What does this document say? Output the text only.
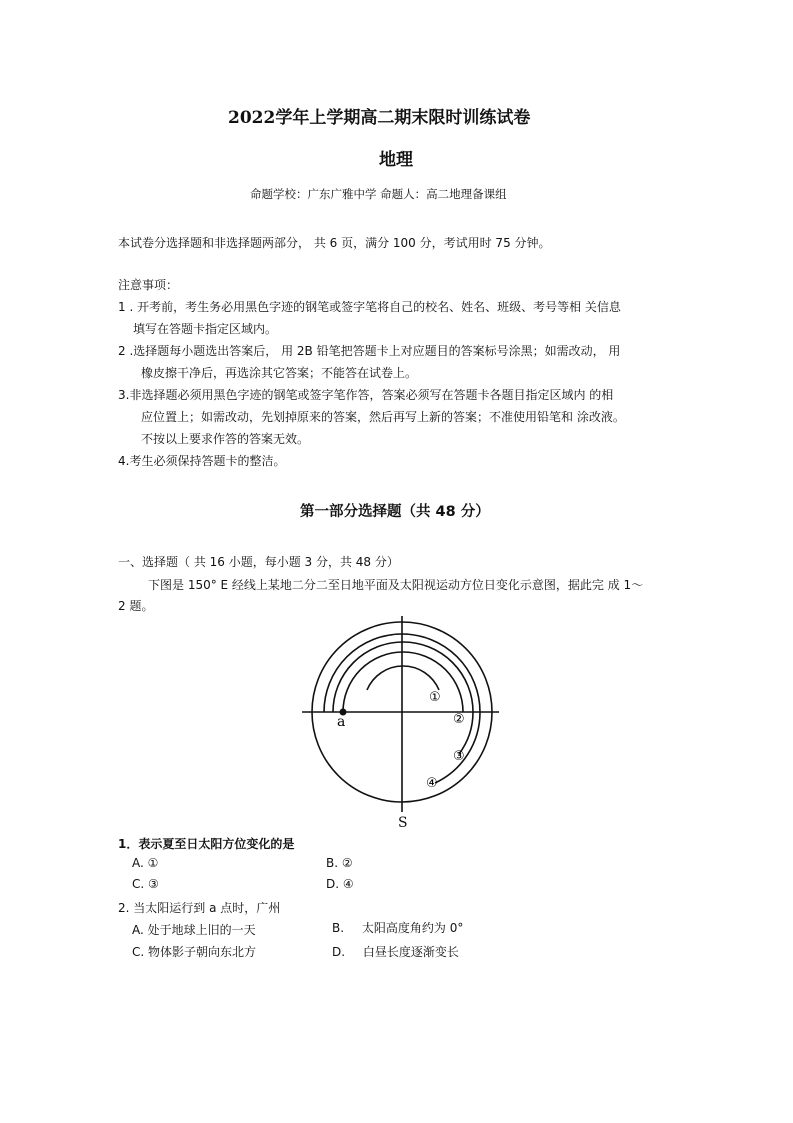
2022学年上学期高二期末限时训练试卷
地理
命题学校：广东广雅中学 命题人：高二地理备课组
本试卷分选择题和非选择题两部分， 共 6 页，满分 100 分，考试用时 75 分钟。
注意事项：
1 . 开考前，考生务必用黑色字迹的钢笔或签字笔将自己的校名、姓名、班级、考号等相 关信息
填写在答题卡指定区域内。
2 .选择题每小题选出答案后， 用 2B 铅笔把答题卡上对应题目的答案标号涂黑；如需改动， 用
橡皮擦干净后，再选涂其它答案；不能答在试卷上。
3.非选择题必须用黑色字迹的钢笔或签字笔作答，答案必须写在答题卡各题目指定区域内 的相
应位置上；如需改动，先划掉原来的答案，然后再写上新的答案；不准使用铅笔和 涂改液。
不按以上要求作答的答案无效。
4.考生必须保持答题卡的整洁。
第一部分选择题（共 48 分）
一、选择题（ 共 16 小题，每小题 3 分，共 48 分）
下图是 150° E 经线上某地二分二至日地平面及太阳视运动方位日变化示意图，据此完 成 1～
2 题。
a
①
②
③
④
S
1．表示夏至日太阳方位变化的是
A. ①	B. ②
C. ③	D. ④
2. 当太阳运行到 a 点时，广州
A. 处于地球上旧的一天	B. 太阳高度角约为 0°
C. 物体影子朝向东北方	D. 白昼长度逐渐变长
